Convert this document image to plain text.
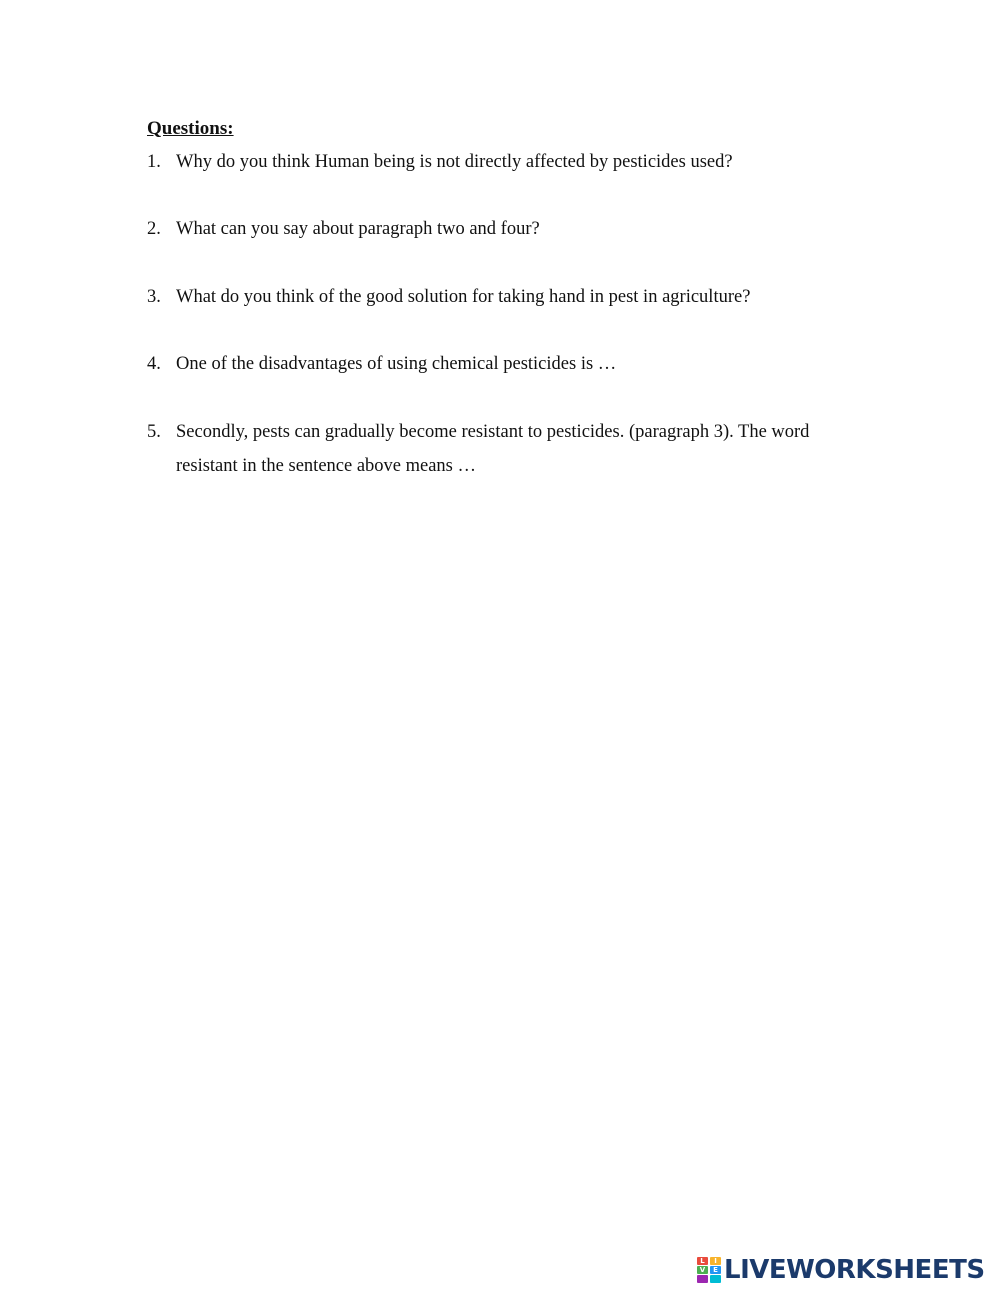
Questions:
1. Why do you think Human being is not directly affected by pesticides used?
2. What can you say about paragraph two and four?
3. What do you think of the good solution for taking hand in pest in agriculture?
4. One of the disadvantages of using chemical pesticides is …
5. Secondly, pests can gradually become resistant to pesticides. (paragraph 3). The word resistant in the sentence above means …
L	I
V	E LIVEWORKSHEETS
